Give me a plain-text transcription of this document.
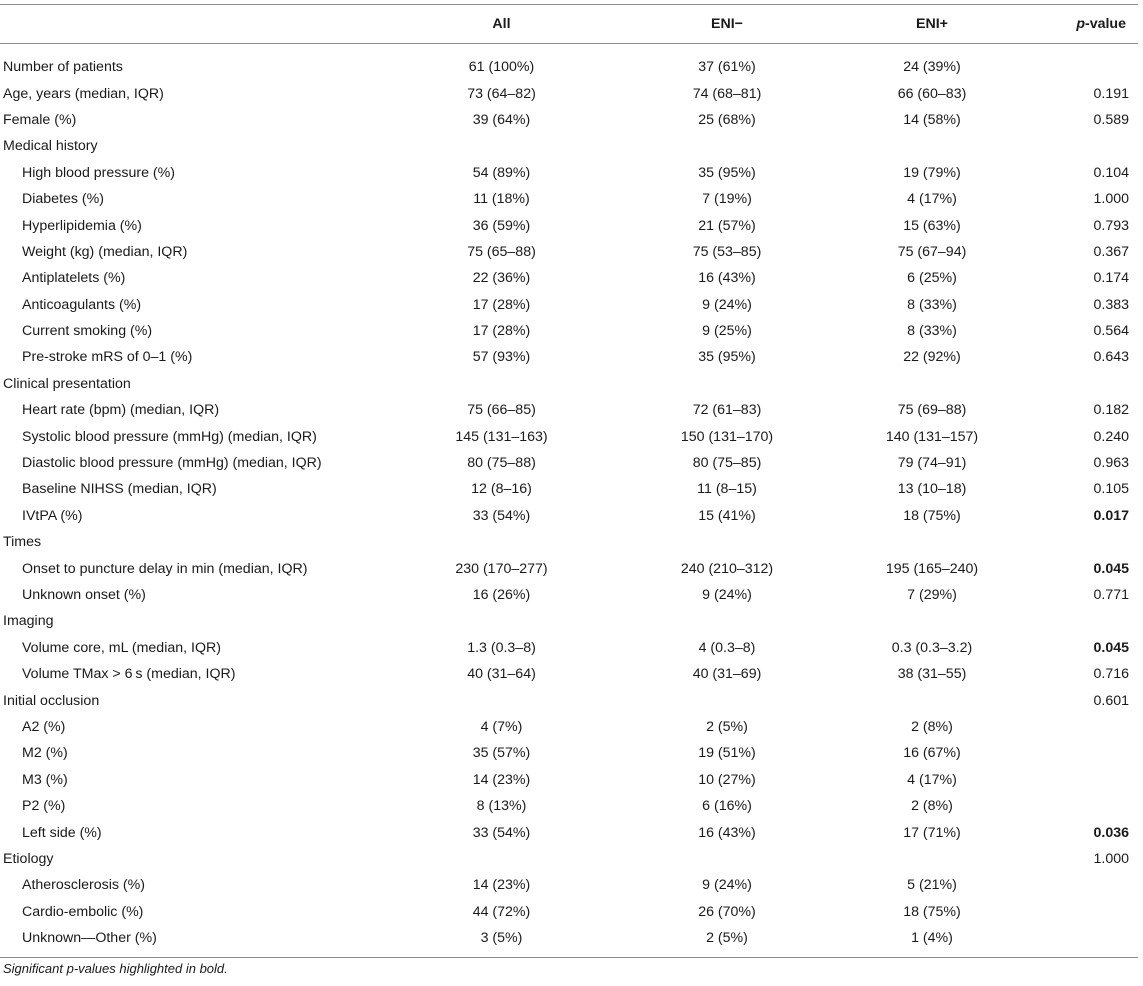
	All	ENI−	ENI+	p-value
Number of patients	61 (100%)	37 (61%)	24 (39%)	
Age, years (median, IQR)	73 (64–82)	74 (68–81)	66 (60–83)	0.191
Female (%)	39 (64%)	25 (68%)	14 (58%)	0.589
Medical history				
High blood pressure (%)	54 (89%)	35 (95%)	19 (79%)	0.104
Diabetes (%)	11 (18%)	7 (19%)	4 (17%)	1.000
Hyperlipidemia (%)	36 (59%)	21 (57%)	15 (63%)	0.793
Weight (kg) (median, IQR)	75 (65–88)	75 (53–85)	75 (67–94)	0.367
Antiplatelets (%)	22 (36%)	16 (43%)	6 (25%)	0.174
Anticoagulants (%)	17 (28%)	9 (24%)	8 (33%)	0.383
Current smoking (%)	17 (28%)	9 (25%)	8 (33%)	0.564
Pre-stroke mRS of 0–1 (%)	57 (93%)	35 (95%)	22 (92%)	0.643
Clinical presentation				
Heart rate (bpm) (median, IQR)	75 (66–85)	72 (61–83)	75 (69–88)	0.182
Systolic blood pressure (mmHg) (median, IQR)	145 (131–163)	150 (131–170)	140 (131–157)	0.240
Diastolic blood pressure (mmHg) (median, IQR)	80 (75–88)	80 (75–85)	79 (74–91)	0.963
Baseline NIHSS (median, IQR)	12 (8–16)	11 (8–15)	13 (10–18)	0.105
IVtPA (%)	33 (54%)	15 (41%)	18 (75%)	0.017
Times				
Onset to puncture delay in min (median, IQR)	230 (170–277)	240 (210–312)	195 (165–240)	0.045
Unknown onset (%)	16 (26%)	9 (24%)	7 (29%)	0.771
Imaging				
Volume core, mL (median, IQR)	1.3 (0.3–8)	4 (0.3–8)	0.3 (0.3–3.2)	0.045
Volume TMax > 6 s (median, IQR)	40 (31–64)	40 (31–69)	38 (31–55)	0.716
Initial occlusion				0.601
A2 (%)	4 (7%)	2 (5%)	2 (8%)	
M2 (%)	35 (57%)	19 (51%)	16 (67%)	
M3 (%)	14 (23%)	10 (27%)	4 (17%)	
P2 (%)	8 (13%)	6 (16%)	2 (8%)	
Left side (%)	33 (54%)	16 (43%)	17 (71%)	0.036
Etiology				1.000
Atherosclerosis (%)	14 (23%)	9 (24%)	5 (21%)	
Cardio-embolic (%)	44 (72%)	26 (70%)	18 (75%)	
Unknown—Other (%)	3 (5%)	2 (5%)	1 (4%)	
Significant p-values highlighted in bold.
